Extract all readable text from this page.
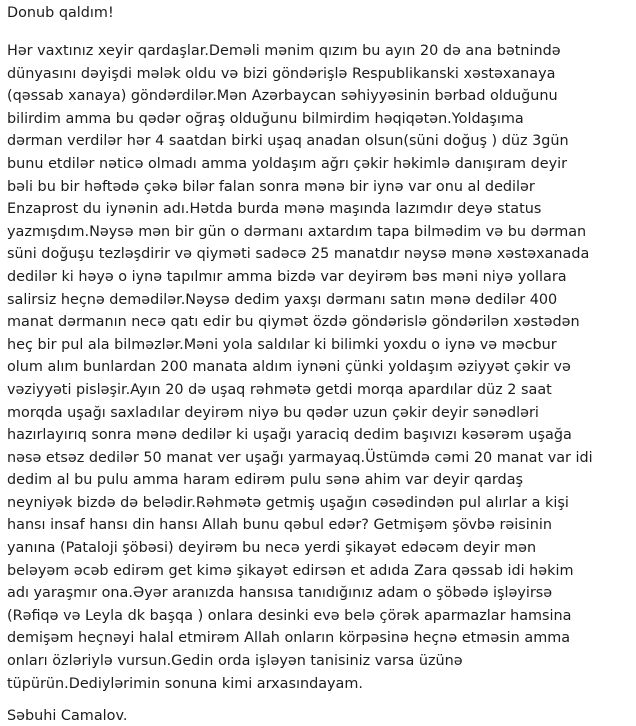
Donub qaldım!

Hər vaxtınız xeyir qardaşlar.Deməli mənim qızım bu ayın 20 də ana bətnində
dünyasını dəyişdi mələk oldu və bizi göndərişlə Respublikanski xəstəxanaya
(qəssab xanaya) göndərdilər.Mən Azərbaycan səhiyyəsinin bərbad olduğunu
bilirdim amma bu qədər oğraş olduğunu bilmirdim həqiqətən.Yoldaşıma
dərman verdilər hər 4 saatdan birki uşaq anadan olsun(süni doğuş ) düz 3gün
bunu etdilər nəticə olmadı amma yoldaşım ağrı çəkir həkimlə danışıram deyir
bəli bu bir həftədə çəkə bilər falan sonra mənə bir iynə var onu al dedilər
Enzaprost du iynənin adı.Hətda burda mənə maşında lazımdır deyə status
yazmışdım.Nəysə mən bir gün o dərmanı axtardım tapa bilmədim və bu dərman
süni doğuşu tezləşdirir və qiyməti sadəcə 25 manatdır nəysə mənə xəstəxanada
dedilər ki həyə o iynə tapılmır amma bizdə var deyirəm bəs məni niyə yollara
salirsiz heçnə demədilər.Nəysə dedim yaxşı dərmanı satın mənə dedilər 400
manat dərmanın necə qatı edir bu qiymət özdə göndərislə göndərilən xəstədən
heç bir pul ala bilməzlər.Məni yola saldılar ki bilimki yoxdu o iynə və məcbur
olum alım bunlardan 200 manata aldım iynəni çünki yoldaşım əziyyət çəkir və
vəziyyəti pisləşir.Ayın 20 də uşaq rəhmətə getdi morqa apardılar düz 2 saat
morqda uşağı saxladılar deyirəm niyə bu qədər uzun çəkir deyir sənədləri
hazırlayırıq sonra mənə dedilər ki uşağı yaraciq dedim başıvızı kəsərəm uşağa
nəsə etsəz dedilər 50 manat ver uşağı yarmayaq.Üstümdə cəmi 20 manat var idi
dedim al bu pulu amma haram edirəm pulu sənə ahim var deyir qardaş
neyniyək bizdə də belədir.Rəhmətə getmiş uşağın cəsədindən pul alırlar a kişi
hansı insaf hansı din hansı Allah bunu qəbul edər? Getmişəm şövbə rəisinin
yanına (Pataloji şöbəsi) deyirəm bu necə yerdi şikayət edəcəm deyir mən
beləyəm əcəb edirəm get kimə şikayət edirsən et adıda Zara qəssab idi həkim
adı yaraşmır ona.Əyər aranızda hansısa tanıdığınız adam o şöbədə işləyirsə
(Rəfiqə və Leyla dk başqa ) onlara desinki evə belə çörək aparmazlar hamsina
demişəm heçnəyi halal etmirəm Allah onların körpəsinə heçnə etməsin amma
onları özləriylə vursun.Gedin orda işləyən tanisiniz varsa üzünə
tüpürün.Dediylərimin sonuna kimi arxasındayam.

Səbuhi Camalov.
